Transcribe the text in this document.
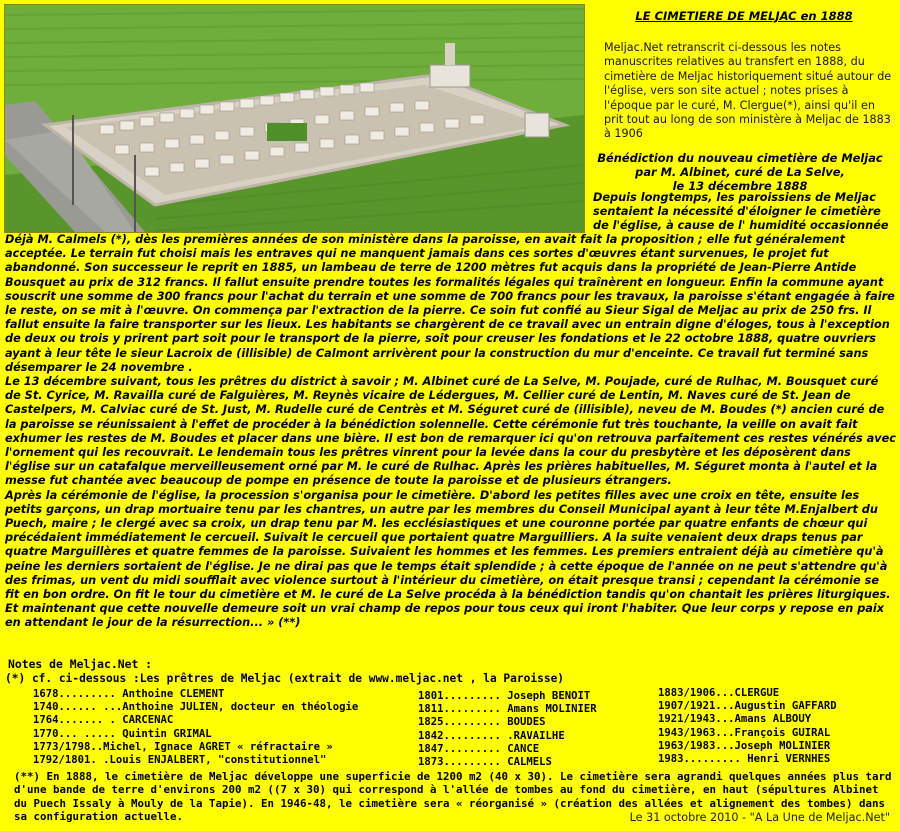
LE CIMETIERE DE MELJAC en 1888
Meljac.Net retranscrit ci-dessous les notes manuscrites relatives au transfert en 1888, du cimetière de Meljac historiquement situé autour de l'église, vers son site actuel ; notes prises à l'époque par le curé, M. Clergue(*), ainsi qu'il en prit tout au long de son ministère à Meljac de 1883 à 1906
Bénédiction du nouveau cimetière de Meljac
par M. Albinet, curé de La Selve,
le 13 décembre 1888
Depuis longtemps, les paroissiens de Meljac sentaient la nécessité d'éloigner le cimetière de l'église, à cause de l' humidité occasionnée

Déjà M. Calmels (*), dès les premières années de son ministère dans la paroisse, en avait fait la proposition ; elle fut généralement acceptée. Le terrain fut choisi mais les entraves qui ne manquent jamais dans ces sortes d'œuvres étant survenues, le projet fut abandonné. Son successeur le reprit en 1885, un lambeau de terre de 1200 mètres fut acquis dans la propriété de Jean-Pierre Antide Bousquet au prix de 312 francs. Il fallut ensuite prendre toutes les formalités légales qui traînèrent en longueur. Enfin la commune ayant souscrit une somme de 300 francs pour l'achat du terrain et une somme de 700 francs pour les travaux, la paroisse s'étant engagée à faire le reste, on se mit à l'œuvre. On commença par l'extraction de la pierre. Ce soin fut confié au Sieur Sigal de Meljac au prix de 250 frs. Il fallut ensuite la faire transporter sur les lieux. Les habitants se chargèrent de ce travail avec un entrain digne d'éloges, tous à l'exception de deux ou trois y prirent part soit pour le transport de la pierre, soit pour creuser les fondations et le 22 octobre 1888, quatre ouvriers ayant à leur tête le sieur Lacroix de (illisible) de Calmont arrivèrent pour la construction du mur d'enceinte. Ce travail fut terminé sans désemparer le 24 novembre .

Le 13 décembre suivant, tous les prêtres du district à savoir ; M. Albinet curé de La Selve, M. Poujade, curé de Rulhac, M. Bousquet curé de St. Cyrice, M. Ravailla curé de Falguières, M. Reynès vicaire de Lédergues, M. Cellier curé de Lentin, M. Naves curé de St. Jean de Castelpers, M. Calviac curé de St. Just, M. Rudelle curé de Centrès et M. Séguret curé de (illisible), neveu de M. Boudes (*) ancien curé de la paroisse se réunissaient à l'effet de procéder à la bénédiction solennelle. Cette cérémonie fut très touchante, la veille on avait fait exhumer les restes de M. Boudes et placer dans une bière. Il est bon de remarquer ici qu'on retrouva parfaitement ces restes vénérés avec l'ornement qui les recouvrait. Le lendemain tous les prêtres vinrent pour la levée dans la cour du presbytère et les déposèrent dans l'église sur un catafalque merveilleusement orné par M. le curé de Rulhac. Après les prières habituelles, M. Séguret monta à l'autel et la messe fut chantée avec beaucoup de pompe en présence de toute la paroisse et de plusieurs étrangers.

Après la cérémonie de l'église, la procession s'organisa pour le cimetière. D'abord les petites filles avec une croix en tête, ensuite les petits garçons, un drap mortuaire tenu par les chantres, un autre par les membres du Conseil Municipal ayant à leur tête M.Enjalbert du Puech, maire ; le clergé avec sa croix, un drap tenu par M. les ecclésiastiques et une couronne portée par quatre enfants de chœur qui précédaient immédiatement le cercueil. Suivait le cercueil que portaient quatre Marguilliers. A la suite venaient deux draps tenus par quatre Marguillères et quatre femmes de la paroisse. Suivaient les hommes et les femmes. Les premiers entraient déjà au cimetière qu'à peine les derniers sortaient de l'église. Je ne dirai pas que le temps était splendide ; à cette époque de l'année on ne peut s'attendre qu'à des frimas, un vent du midi soufflait avec violence surtout à l'intérieur du cimetière, on était presque transi ; cependant la cérémonie se fit en bon ordre. On fit le tour du cimetière et M. le curé de La Selve procéda à la bénédiction tandis qu'on chantait les prières liturgiques.

Et maintenant que cette nouvelle demeure soit un vrai champ de repos pour tous ceux qui iront l'habiter. Que leur corps y repose en paix en attendant le jour de la résurrection... » (**)

Notes de Meljac.Net :
(*) cf. ci-dessous :Les prêtres de Meljac (extrait de www.meljac.net , la Paroisse)
1678......... Anthoine CLEMENT
1740...... ...Anthoine JULIEN, docteur en théologie
1764....... . CARCENAC
1770... ..... Quintin GRIMAL
1773/1798..Michel, Ignace AGRET « réfractaire »
1792/1801. .Louis ENJALBERT, "constitutionnel"
1801......... Joseph BENOIT
1811......... Amans MOLINIER
1825......... BOUDES
1842......... .RAVAILHE
1847......... CANCE
1873......... CALMELS
1883/1906...CLERGUE
1907/1921...Augustin GAFFARD
1921/1943...Amans ALBOUY
1943/1963...François GUIRAL
1963/1983...Joseph MOLINIER
1983......... Henri VERNHES
(**) En 1888, le cimetière de Meljac développe une superficie de 1200 m2 (40 x 30). Le cimetière sera agrandi quelques années plus tard d'une bande de terre d'environs 200 m2 ((7 x 30) qui correspond à l'allée de tombes au fond du cimetière, en haut (sépultures Albinet du Puech Issaly à Mouly de la Tapie). En 1946-48, le cimetière sera « réorganisé » (création des allées et alignement des tombes) dans sa configuration actuelle.	Le 31 octobre 2010 - "A La Une de Meljac.Net"
